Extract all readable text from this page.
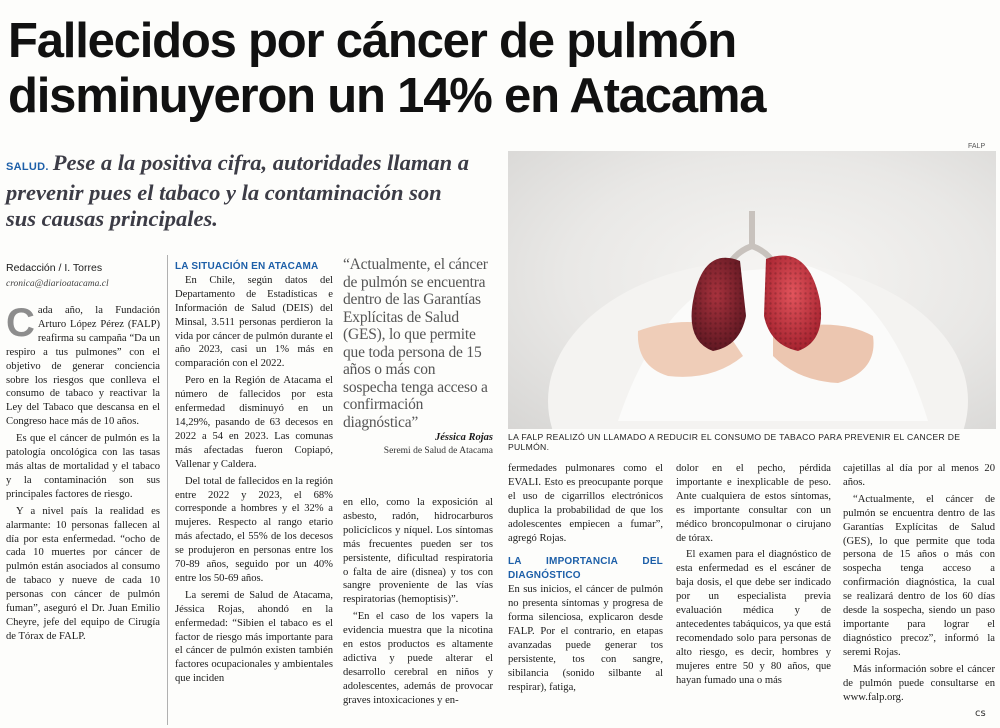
Fallecidos por cáncer de pulmón
disminuyeron un 14% en Atacama
SALUD. Pese a la positiva cifra, autoridades llaman a prevenir pues el tabaco y la contaminación son sus causas principales.
FALP
LA FALP REALIZÓ UN LLAMADO A REDUCIR EL CONSUMO DE TABACO PARA PREVENIR EL CANCER DE PULMÓN.
Redacción / I. Torres
cronica@diarioatacama.cl
C ada año, la Fundación Arturo López Pérez (FALP) reafirma su campaña “Da un respiro a tus pulmones” con el objetivo de generar conciencia sobre los riesgos que conlleva el consumo de tabaco y reactivar la Ley del Tabaco que descansa en el Congreso hace más de 10 años.

Es que el cáncer de pulmón es la patología oncológica con las tasas más altas de mortalidad y el tabaco y la contaminación son sus principales factores de riesgo.

Y a nivel país la realidad es alarmante: 10 personas fallecen al día por esta enfermedad. “ocho de cada 10 muertes por cáncer de pulmón están asociados al consumo de tabaco y nueve de cada 10 personas con cáncer de pulmón fuman”, aseguró el Dr. Juan Emilio Cheyre, jefe del equipo de Cirugía de Tórax de FALP.

LA SITUACIÓN EN ATACAMA

En Chile, según datos del Departamento de Estadísticas e Información de Salud (DEIS) del Minsal, 3.511 personas perdieron la vida por cáncer de pulmón durante el año 2023, casi un 1% más en comparación con el 2022.

Pero en la Región de Atacama el número de fallecidos por esta enfermedad disminuyó en un 14,29%, pasando de 63 decesos en 2022 a 54 en 2023. Las comunas más afectadas fueron Copiapó, Vallenar y Caldera.

Del total de fallecidos en la región entre 2022 y 2023, el 68% corresponde a hombres y el 32% a mujeres. Respecto al rango etario más afectado, el 55% de los decesos se produjeron en personas entre los 70-89 años, seguido por un 40% entre los 50-69 años.

La seremi de Salud de Atacama, Jéssica Rojas, ahondó en la enfermedad: “Sibien el tabaco es el factor de riesgo más importante para el cáncer de pulmón existen también factores ocupacionales y ambientales que inciden

“Actualmente, el cáncer de pulmón se encuentra dentro de las Garantías Explícitas de Salud (GES), lo que permite que toda persona de 15 años o más con sospecha tenga acceso a confirmación diagnóstica”
Jéssica Rojas
Seremi de Salud de Atacama

en ello, como la exposición al asbesto, radón, hidrocarburos policíclicos y níquel. Los síntomas más frecuentes pueden ser tos persistente, dificultad respiratoria o falta de aire (disnea) y tos con sangre proveniente de las vías respiratorias (hemoptisis)”.

“En el caso de los vapers la evidencia muestra que la nicotina en estos productos es altamente adictiva y puede alterar el desarrollo cerebral en niños y adolescentes, además de provocar graves intoxicaciones y en-

fermedades pulmonares como el EVALI. Esto es preocupante porque el uso de cigarrillos electrónicos duplica la probabilidad de que los adolescentes empiecen a fumar”, agregó Rojas.

LA IMPORTANCIA DEL DIAGNÓSTICO

En sus inicios, el cáncer de pulmón no presenta síntomas y progresa de forma silenciosa, explicaron desde FALP. Por el contrario, en etapas avanzadas puede generar tos persistente, tos con sangre, sibilancia (sonido silbante al respirar), fatiga,

dolor en el pecho, pérdida importante e inexplicable de peso. Ante cualquiera de estos síntomas, es importante consultar con un médico broncopulmonar o cirujano de tórax.

El examen para el diagnóstico de esta enfermedad es el escáner de baja dosis, el que debe ser indicado por un especialista previa evaluación médica y de antecedentes tabáquicos, ya que está recomendado solo para personas de alto riesgo, es decir, hombres y mujeres entre 50 y 80 años, que hayan fumado una o más

cajetillas al día por al menos 20 años.

“Actualmente, el cáncer de pulmón se encuentra dentro de las Garantías Explícitas de Salud (GES), lo que permite que toda persona de 15 años o más con sospecha tenga acceso a confirmación diagnóstica, la cual se realizará dentro de los 60 días desde la sospecha, siendo un paso importante para lograr el diagnóstico precoz”, informó la seremi Rojas.

Más información sobre el cáncer de pulmón puede consultarse en www.falp.org.

cs
